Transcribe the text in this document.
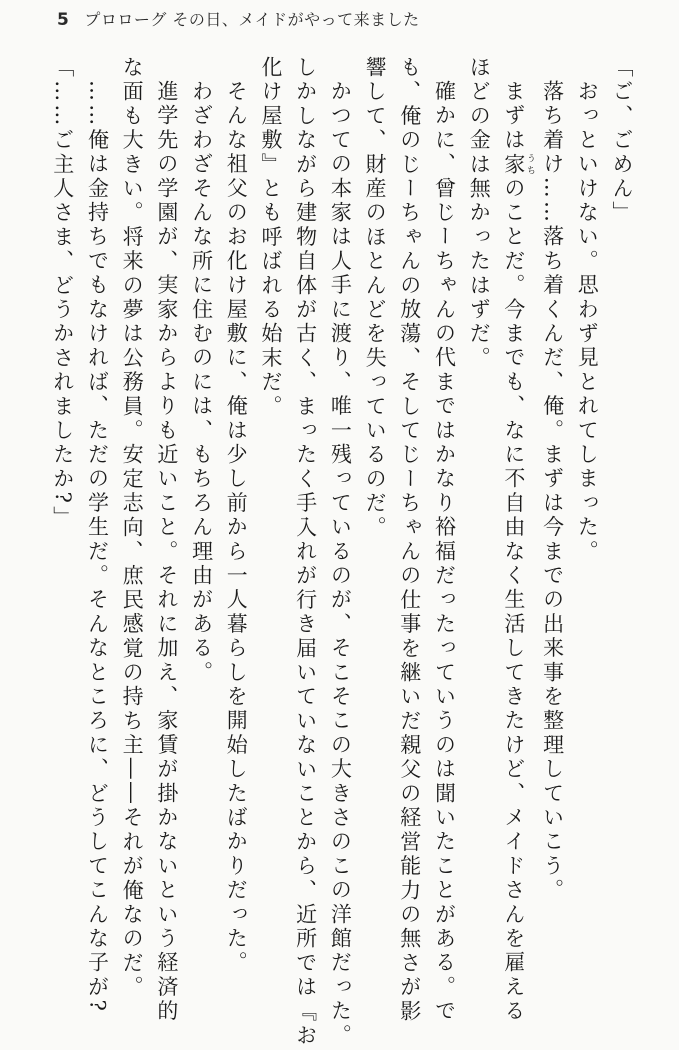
5 プロローグ その日、メイドがやって来ました
「ご、ごめん」
おっといけない。思わず見とれてしまった。
落ち着け……落ち着くんだ、俺。まずは今までの出来事を整理していこう。
まずは家 うちのことだ。今までも、なに不自由なく生活してきたけど、メイドさんを雇える
ほどの金は無かったはずだ。
確かに、曾じーちゃんの代まではかなり裕福だったっていうのは聞いたことがある。で
も、俺のじーちゃんの放蕩、そしてじーちゃんの仕事を継いだ親父の経営能力の無さが影
響して、財産のほとんどを失っているのだ。
かつての本家は人手に渡り、唯一残っているのが、そこそこの大きさのこの洋館だった。
しかしながら建物自体が古く、まったく手入れが行き届いていないことから、近所では『お
化け屋敷』とも呼ばれる始末だ。
そんな祖父のお化け屋敷に、俺は少し前から一人暮らしを開始したばかりだった。
わざわざそんな所に住むのには、もちろん理由がある。
進学先の学園が、実家からよりも近いこと。それに加え、家賃が掛かないという経済的
な面も大きい。将来の夢は公務員。安定志向、庶民感覚の持ち主――それが俺なのだ。
……俺は金持ちでもなければ、ただの学生だ。そんなところに、どうしてこんな子が?
「……ご主人さま、どうかされましたか?」
